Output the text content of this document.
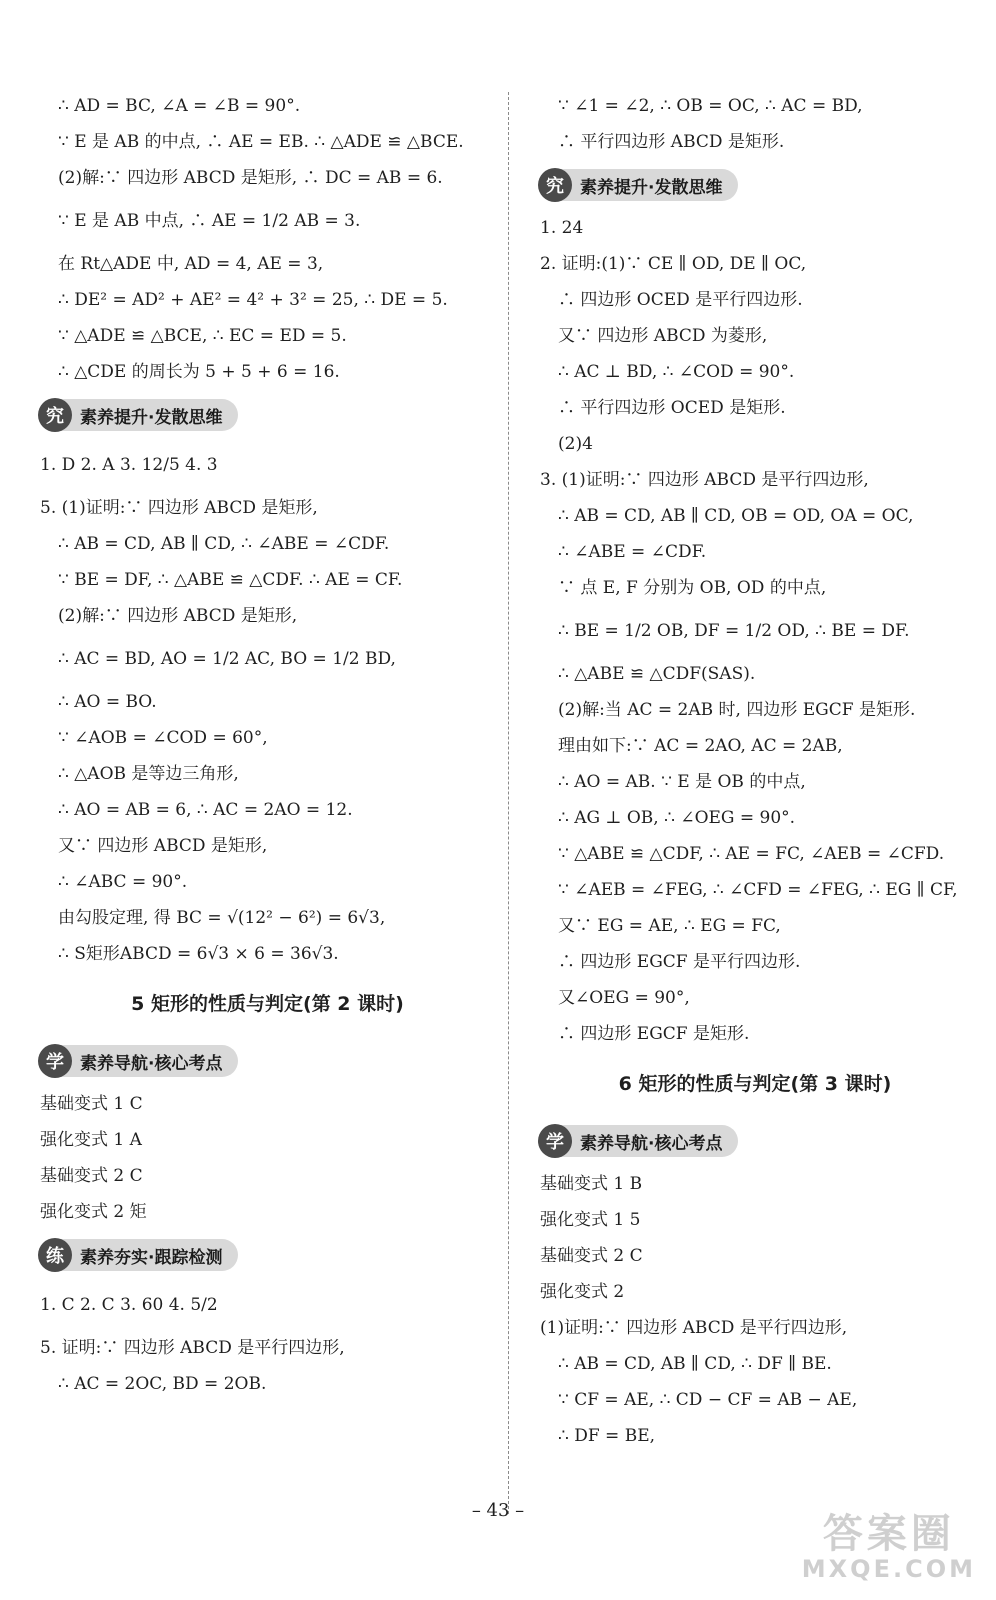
∴ AD = BC, ∠A = ∠B = 90°.
∵ E 是 AB 的中点, ∴ AE = EB. ∴ △ADE ≌ △BCE.
(2)解:∵ 四边形 ABCD 是矩形, ∴ DC = AB = 6.
∵ E 是 AB 中点, ∴ AE = 1/2 AB = 3.
在 Rt△ADE 中, AD = 4, AE = 3,
∴ DE² = AD² + AE² = 4² + 3² = 25, ∴ DE = 5.
∵ △ADE ≌ △BCE, ∴ EC = ED = 5.
∴ △CDE 的周长为 5 + 5 + 6 = 16.
究 素养提升·发散思维
1. D 2. A 3. 12/5 4. 3
5. (1)证明:∵ 四边形 ABCD 是矩形,
∴ AB = CD, AB ∥ CD, ∴ ∠ABE = ∠CDF.
∵ BE = DF, ∴ △ABE ≌ △CDF. ∴ AE = CF.
(2)解:∵ 四边形 ABCD 是矩形,
∴ AC = BD, AO = 1/2 AC, BO = 1/2 BD,
∴ AO = BO.
∵ ∠AOB = ∠COD = 60°,
∴ △AOB 是等边三角形,
∴ AO = AB = 6, ∴ AC = 2AO = 12.
又∵ 四边形 ABCD 是矩形,
∴ ∠ABC = 90°.
由勾股定理, 得 BC = √(12² − 6²) = 6√3,
∴ S矩形ABCD = 6√3 × 6 = 36√3.
5 矩形的性质与判定(第 2 课时)
学 素养导航·核心考点
基础变式 1 C
强化变式 1 A
基础变式 2 C
强化变式 2 矩
练 素养夯实·跟踪检测
1. C 2. C 3. 60 4. 5/2
5. 证明:∵ 四边形 ABCD 是平行四边形,
∴ AC = 2OC, BD = 2OB.
∵ ∠1 = ∠2, ∴ OB = OC, ∴ AC = BD,
∴ 平行四边形 ABCD 是矩形.
究 素养提升·发散思维
1. 24
2. 证明:(1)∵ CE ∥ OD, DE ∥ OC,
∴ 四边形 OCED 是平行四边形.
又∵ 四边形 ABCD 为菱形,
∴ AC ⊥ BD, ∴ ∠COD = 90°.
∴ 平行四边形 OCED 是矩形.
(2)4
3. (1)证明:∵ 四边形 ABCD 是平行四边形,
∴ AB = CD, AB ∥ CD, OB = OD, OA = OC,
∴ ∠ABE = ∠CDF.
∵ 点 E, F 分别为 OB, OD 的中点,
∴ BE = 1/2 OB, DF = 1/2 OD, ∴ BE = DF.
∴ △ABE ≌ △CDF(SAS).
(2)解:当 AC = 2AB 时, 四边形 EGCF 是矩形.
理由如下:∵ AC = 2AO, AC = 2AB,
∴ AO = AB. ∵ E 是 OB 的中点,
∴ AG ⊥ OB, ∴ ∠OEG = 90°.
∵ △ABE ≌ △CDF, ∴ AE = FC, ∠AEB = ∠CFD.
∵ ∠AEB = ∠FEG, ∴ ∠CFD = ∠FEG, ∴ EG ∥ CF,
又∵ EG = AE, ∴ EG = FC,
∴ 四边形 EGCF 是平行四边形.
又∠OEG = 90°,
∴ 四边形 EGCF 是矩形.
6 矩形的性质与判定(第 3 课时)
学 素养导航·核心考点
基础变式 1 B
强化变式 1 5
基础变式 2 C
强化变式 2
(1)证明:∵ 四边形 ABCD 是平行四边形,
∴ AB = CD, AB ∥ CD, ∴ DF ∥ BE.
∵ CF = AE, ∴ CD − CF = AB − AE,
∴ DF = BE,
– 43 –
答案圈
MXQE.COM
